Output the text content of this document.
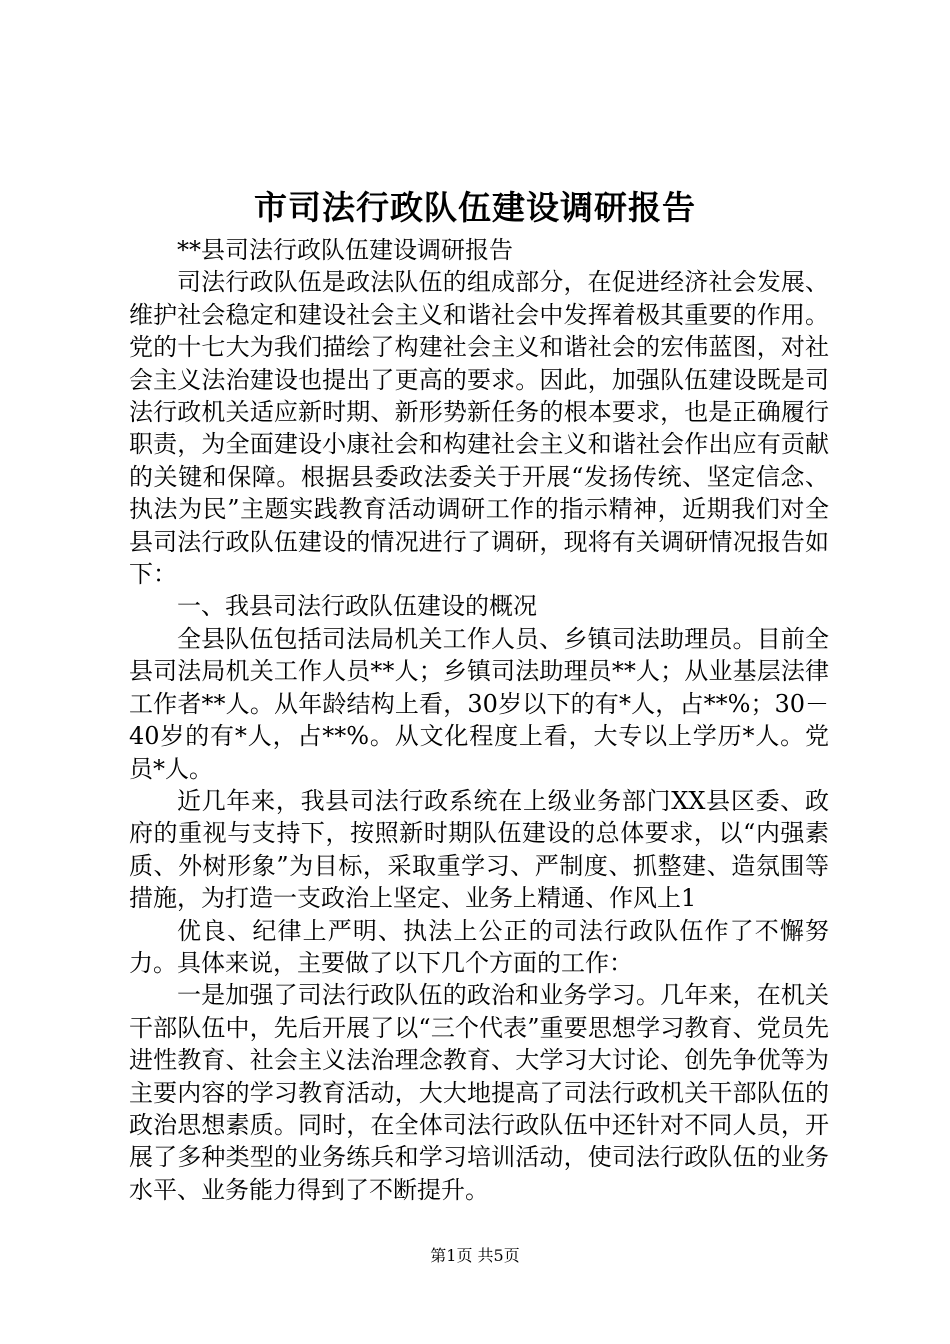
市司法行政队伍建设调研报告

**县司法行政队伍建设调研报告

司法行政队伍是政法队伍的组成部分，在促进经济社会发展、维护社会稳定和建设社会主义和谐社会中发挥着极其重要的作用。党的十七大为我们描绘了构建社会主义和谐社会的宏伟蓝图，对社会主义法治建设也提出了更高的要求。因此，加强队伍建设既是司法行政机关适应新时期、新形势新任务的根本要求，也是正确履行职责，为全面建设小康社会和构建社会主义和谐社会作出应有贡献的关键和保障。根据县委政法委关于开展“发扬传统、坚定信念、执法为民”主题实践教育活动调研工作的指示精神，近期我们对全县司法行政队伍建设的情况进行了调研，现将有关调研情况报告如下：

一、我县司法行政队伍建设的概况

全县队伍包括司法局机关工作人员、乡镇司法助理员。目前全县司法局机关工作人员**人；乡镇司法助理员**人；从业基层法律工作者**人。从年龄结构上看，30岁以下的有*人，占**%；30－40岁的有*人，占**%。从文化程度上看，大专以上学历*人。党员*人。

近几年来，我县司法行政系统在上级业务部门XX县区委、政府的重视与支持下，按照新时期队伍建设的总体要求，以“内强素质、外树形象”为目标，采取重学习、严制度、抓整建、造氛围等措施，为打造一支政治上坚定、业务上精通、作风上1

优良、纪律上严明、执法上公正的司法行政队伍作了不懈努力。具体来说，主要做了以下几个方面的工作：

一是加强了司法行政队伍的政治和业务学习。几年来，在机关干部队伍中，先后开展了以“三个代表”重要思想学习教育、党员先进性教育、社会主义法治理念教育、大学习大讨论、创先争优等为主要内容的学习教育活动，大大地提高了司法行政机关干部队伍的政治思想素质。同时，在全体司法行政队伍中还针对不同人员，开展了多种类型的业务练兵和学习培训活动，使司法行政队伍的业务水平、业务能力得到了不断提升。

第1页 共5页
